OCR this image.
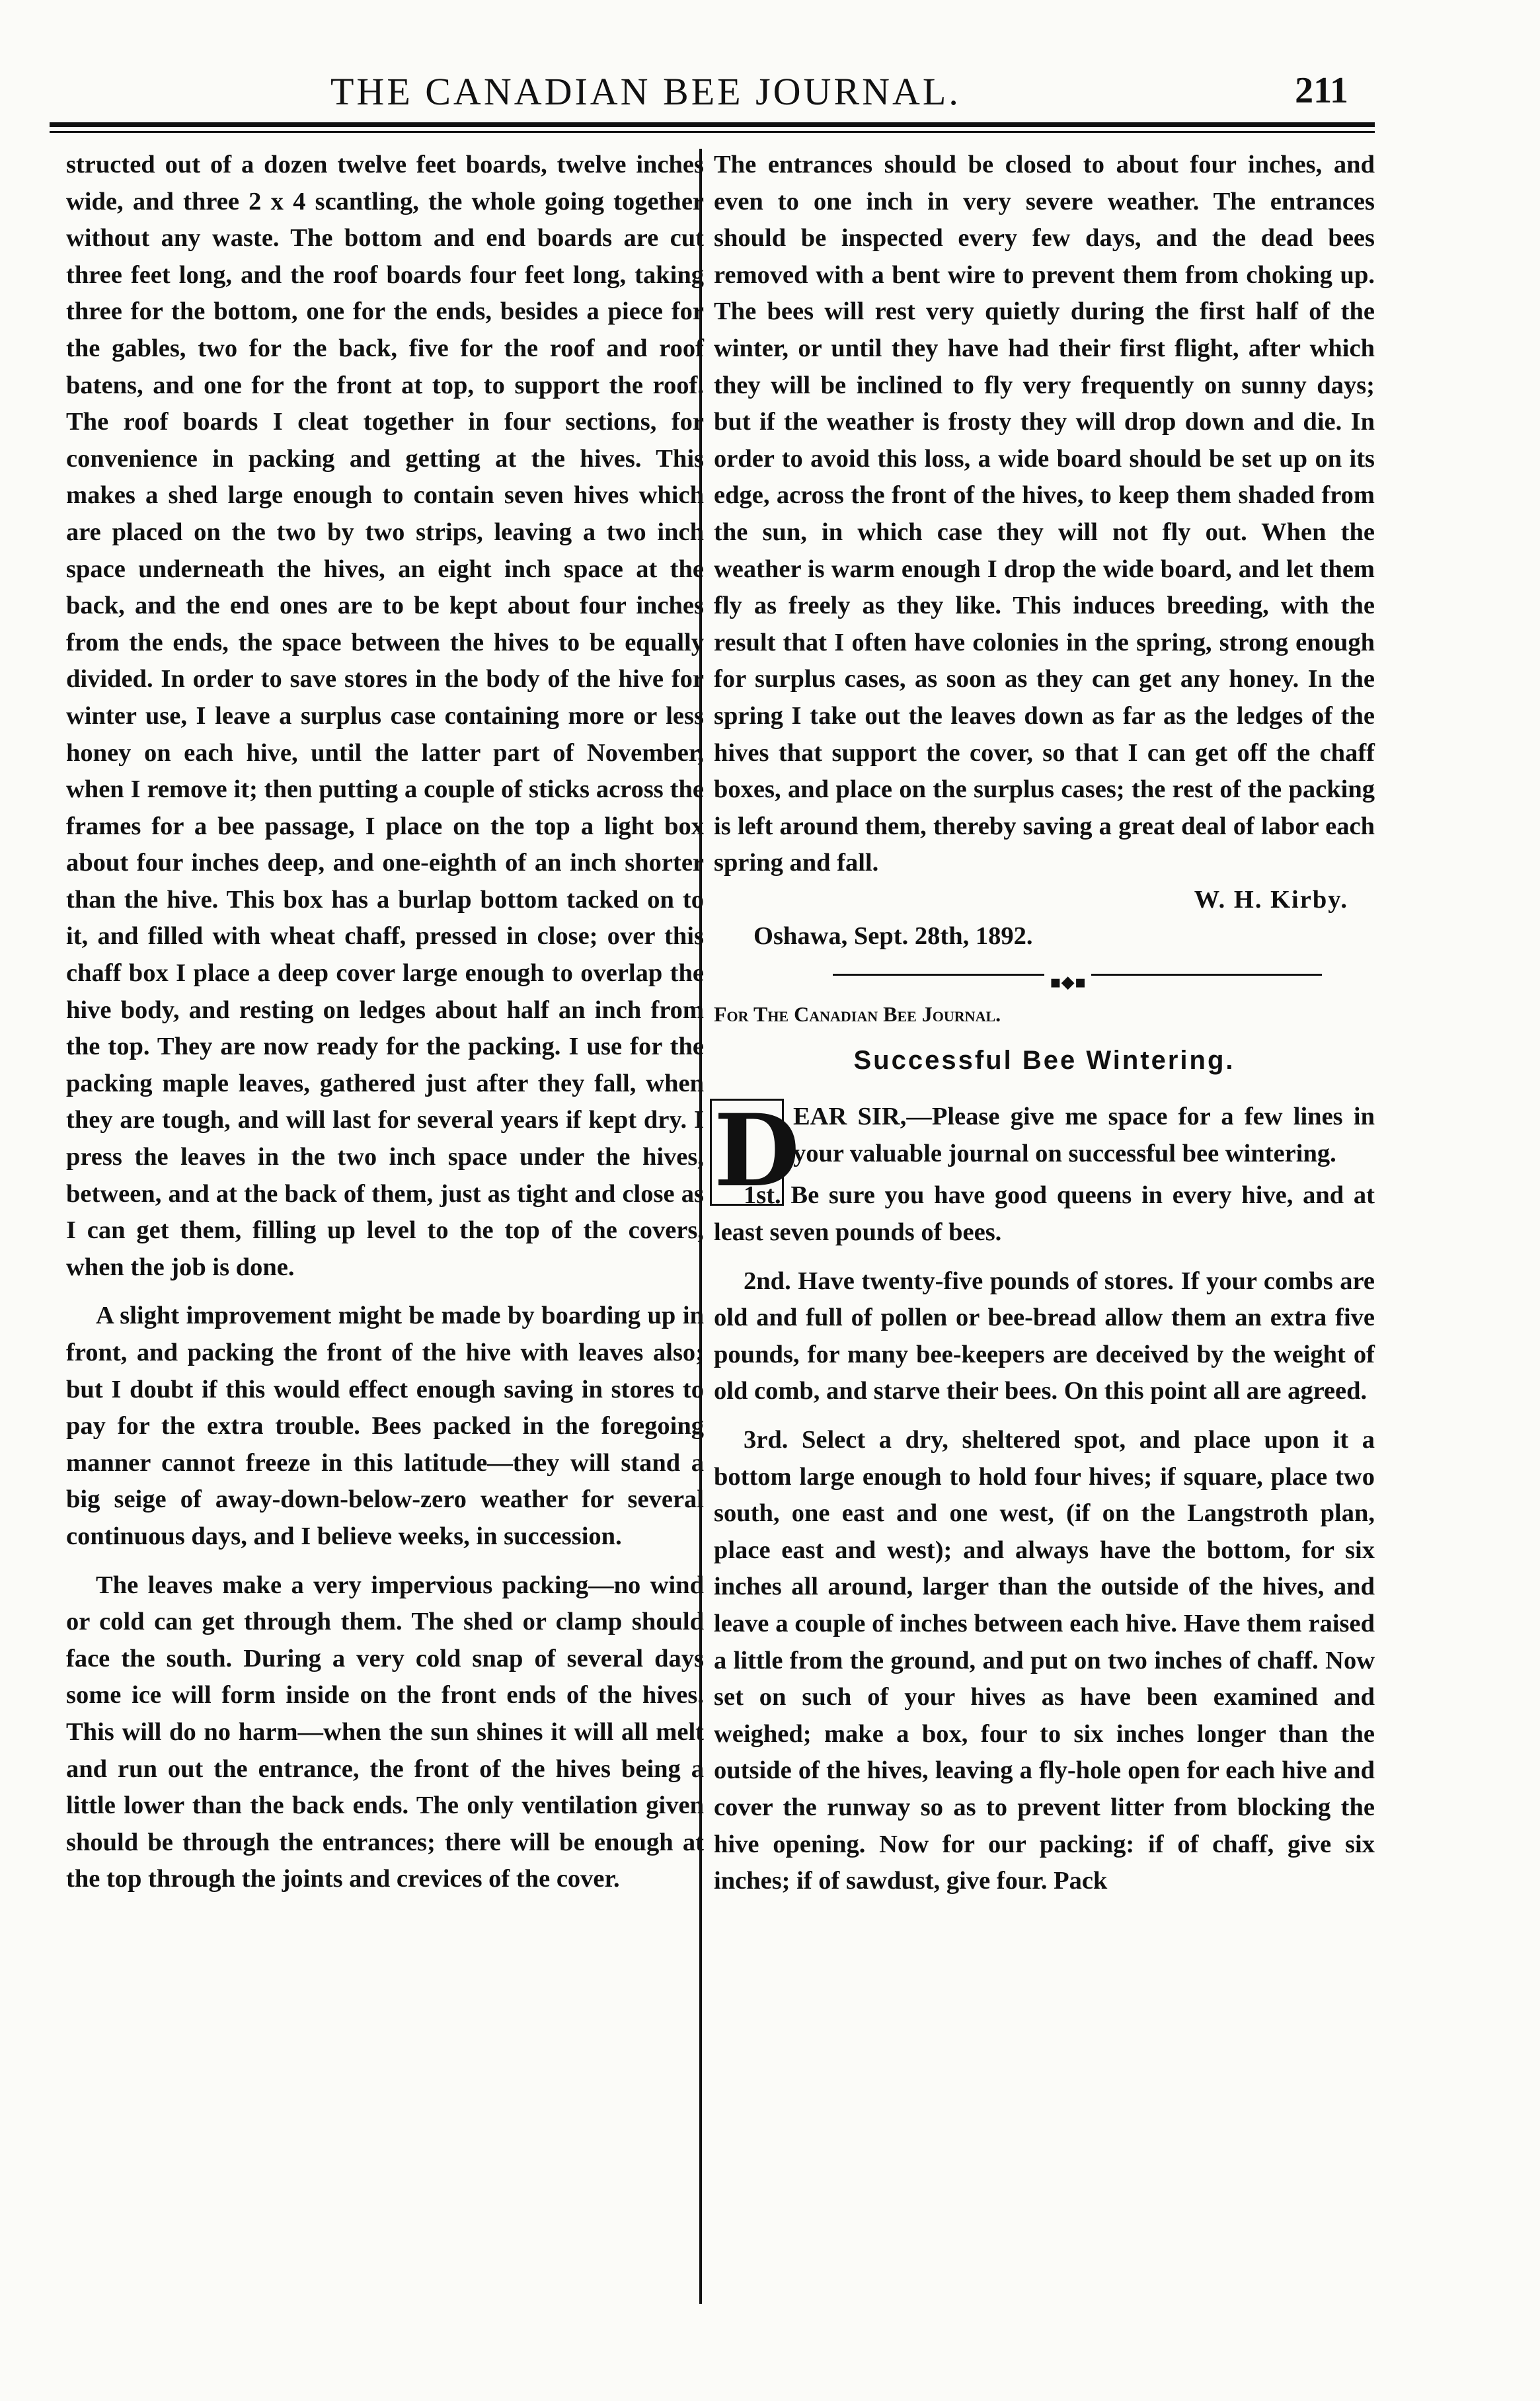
THE CANADIAN BEE JOURNAL.	211

structed out of a dozen twelve feet boards, twelve inches wide, and three 2 x 4 scantling, the whole going together without any waste. The bottom and end boards are cut three feet long, and the roof boards four feet long, taking three for the bottom, one for the ends, besides a piece for the gables, two for the back, five for the roof and roof batens, and one for the front at top, to support the roof. The roof boards I cleat together in four sections, for convenience in packing and getting at the hives. This makes a shed large enough to contain seven hives which are placed on the two by two strips, leaving a two inch space underneath the hives, an eight inch space at the back, and the end ones are to be kept about four inches from the ends, the space between the hives to be equally divided. In order to save stores in the body of the hive for winter use, I leave a surplus case containing more or less honey on each hive, until the latter part of November, when I remove it; then putting a couple of sticks across the frames for a bee passage, I place on the top a light box about four inches deep, and one-eighth of an inch shorter than the hive. This box has a burlap bottom tacked on to it, and filled with wheat chaff, pressed in close; over this chaff box I place a deep cover large enough to overlap the hive body, and resting on ledges about half an inch from the top. They are now ready for the packing. I use for the packing maple leaves, gathered just after they fall, when they are tough, and will last for several years if kept dry. I press the leaves in the two inch space under the hives, between, and at the back of them, just as tight and close as I can get them, filling up level to the top of the covers, when the job is done.

A slight improvement might be made by boarding up in front, and packing the front of the hive with leaves also; but I doubt if this would effect enough saving in stores to pay for the extra trouble. Bees packed in the foregoing manner cannot freeze in this latitude—they will stand a big seige of away-down-below-zero weather for several continuous days, and I believe weeks, in succession.

The leaves make a very impervious packing—no wind or cold can get through them. The shed or clamp should face the south. During a very cold snap of several days some ice will form inside on the front ends of the hives. This will do no harm—when the sun shines it will all melt and run out the entrance, the front of the hives being a little lower than the back ends. The only ventilation given should be through the entrances; there will be enough at the top through the joints and crevices of the cover.

The entrances should be closed to about four inches, and even to one inch in very severe weather. The entrances should be inspected every few days, and the dead bees removed with a bent wire to prevent them from choking up. The bees will rest very quietly during the first half of the winter, or until they have had their first flight, after which they will be inclined to fly very frequently on sunny days; but if the weather is frosty they will drop down and die. In order to avoid this loss, a wide board should be set up on its edge, across the front of the hives, to keep them shaded from the sun, in which case they will not fly out. When the weather is warm enough I drop the wide board, and let them fly as freely as they like. This induces breeding, with the result that I often have colonies in the spring, strong enough for surplus cases, as soon as they can get any honey. In the spring I take out the leaves down as far as the ledges of the hives that support the cover, so that I can get off the chaff boxes, and place on the surplus cases; the rest of the packing is left around them, thereby saving a great deal of labor each spring and fall.

W. H. Kirby.

Oshawa, Sept. 28th, 1892.

▪◆▪

For The Canadian Bee Journal.

Successful Bee Wintering.

D

EAR SIR,—Please give me space for a few lines in your valuable journal on successful bee wintering.

1st. Be sure you have good queens in every hive, and at least seven pounds of bees.

2nd. Have twenty-five pounds of stores. If your combs are old and full of pollen or bee-bread allow them an extra five pounds, for many bee-keepers are deceived by the weight of old comb, and starve their bees. On this point all are agreed.

3rd. Select a dry, sheltered spot, and place upon it a bottom large enough to hold four hives; if square, place two south, one east and one west, (if on the Langstroth plan, place east and west); and always have the bottom, for six inches all around, larger than the outside of the hives, and leave a couple of inches between each hive. Have them raised a little from the ground, and put on two inches of chaff. Now set on such of your hives as have been examined and weighed; make a box, four to six inches longer than the outside of the hives, leaving a fly-hole open for each hive and cover the runway so as to prevent litter from blocking the hive opening. Now for our packing: if of chaff, give six inches; if of sawdust, give four. Pack
